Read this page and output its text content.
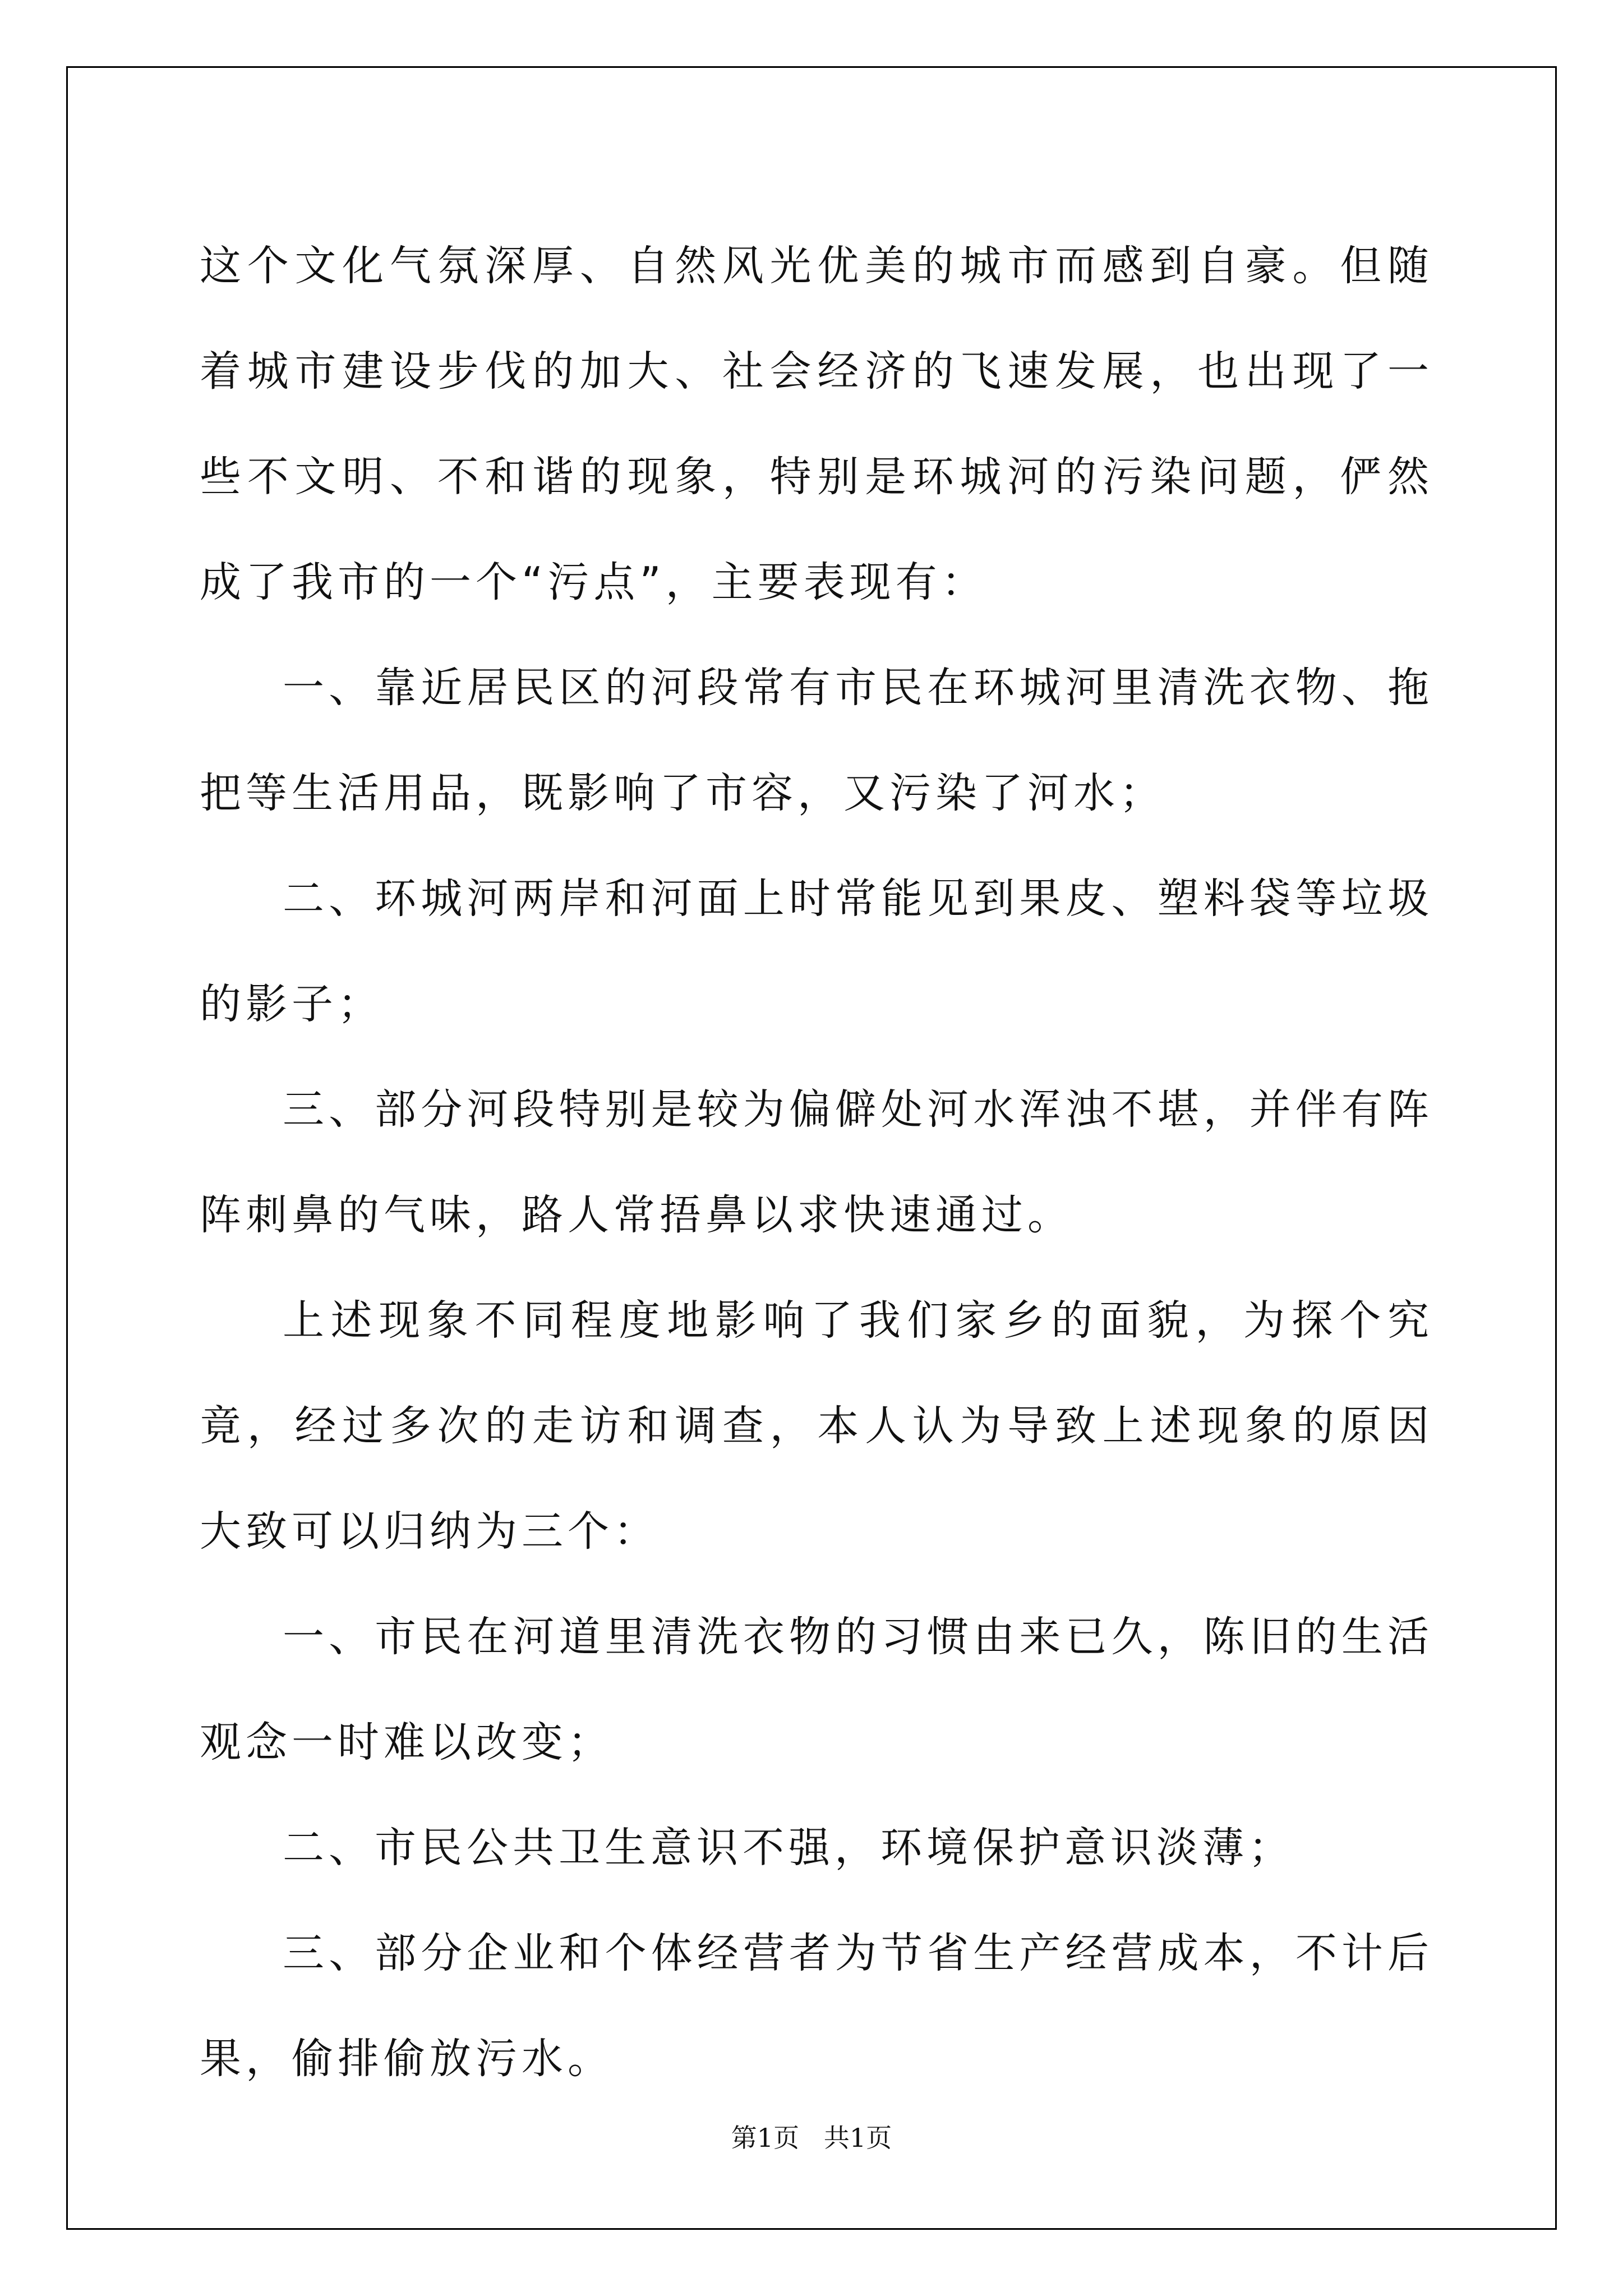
这个文化气氛深厚、自然风光优美的城市而感到自豪。但随着城市建设步伐的加大、社会经济的飞速发展，也出现了一些不文明、不和谐的现象，特别是环城河的污染问题，俨然成了我市的一个“污点”，主要表现有：

一、靠近居民区的河段常有市民在环城河里清洗衣物、拖把等生活用品，既影响了市容，又污染了河水；

二、环城河两岸和河面上时常能见到果皮、塑料袋等垃圾的影子；

三、部分河段特别是较为偏僻处河水浑浊不堪，并伴有阵阵刺鼻的气味，路人常捂鼻以求快速通过。

上述现象不同程度地影响了我们家乡的面貌，为探个究竟，经过多次的走访和调查，本人认为导致上述现象的原因大致可以归纳为三个：

一、市民在河道里清洗衣物的习惯由来已久，陈旧的生活观念一时难以改变；

二、市民公共卫生意识不强，环境保护意识淡薄；

三、部分企业和个体经营者为节省生产经营成本，不计后果，偷排偷放污水。

第1页   共1页
